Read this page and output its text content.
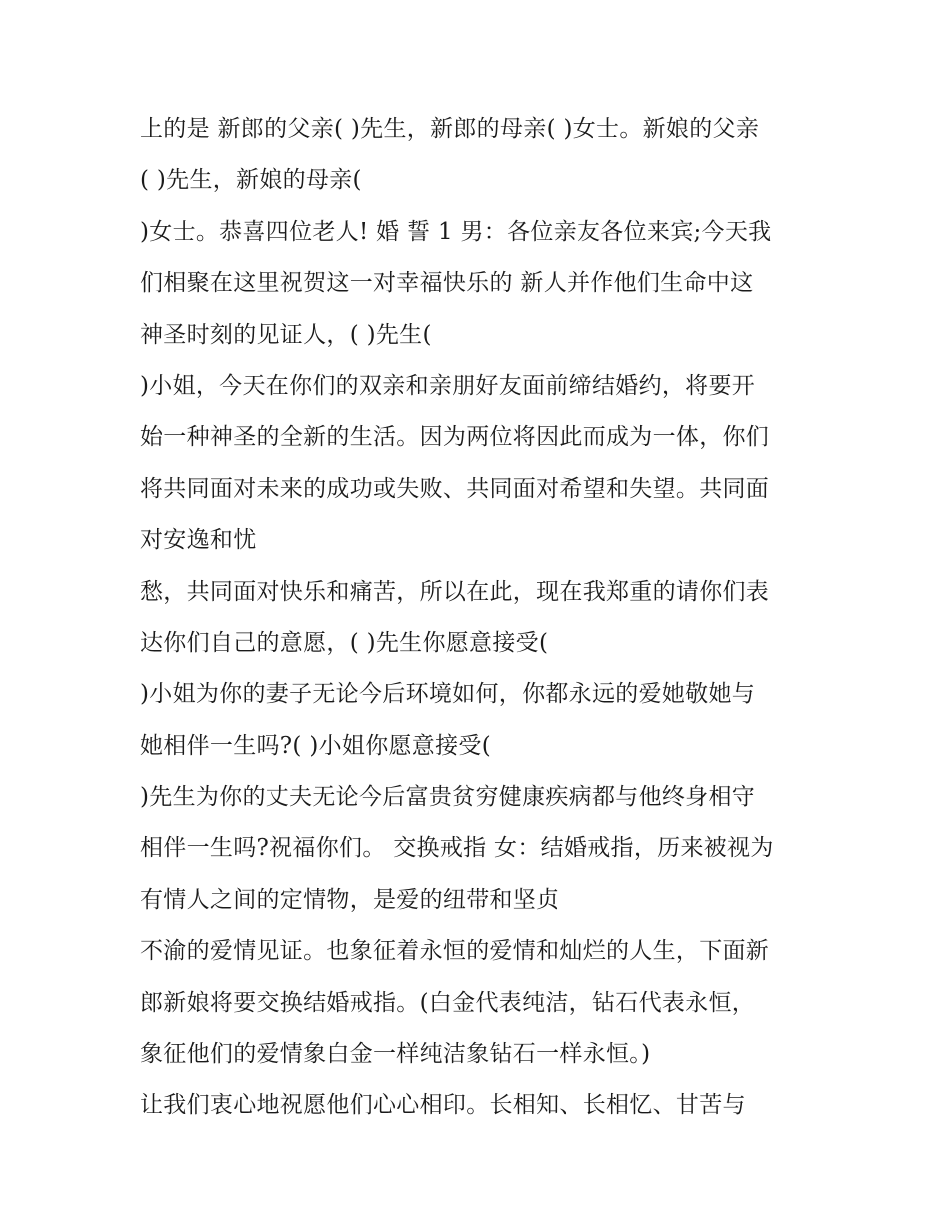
上的是 新郎的父亲( )先生，新郎的母亲( )女士。新娘的父亲
( )先生，新娘的母亲(
)女士。恭喜四位老人! 婚 誓 1 男：各位亲友各位来宾;今天我
们相聚在这里祝贺这一对幸福快乐的 新人并作他们生命中这
神圣时刻的见证人，( )先生(
)小姐，今天在你们的双亲和亲朋好友面前缔结婚约，将要开
始一种神圣的全新的生活。因为两位将因此而成为一体，你们
将共同面对未来的成功或失败、共同面对希望和失望。共同面
对安逸和忧
愁，共同面对快乐和痛苦，所以在此，现在我郑重的请你们表
达你们自己的意愿，( )先生你愿意接受(
)小姐为你的妻子无论今后环境如何，你都永远的爱她敬她与
她相伴一生吗?( )小姐你愿意接受(
)先生为你的丈夫无论今后富贵贫穷健康疾病都与他终身相守
相伴一生吗?祝福你们。 交换戒指 女：结婚戒指，历来被视为
有情人之间的定情物，是爱的纽带和坚贞
不渝的爱情见证。也象征着永恒的爱情和灿烂的人生，下面新
郎新娘将要交换结婚戒指。(白金代表纯洁，钻石代表永恒，
象征他们的爱情象白金一样纯洁象钻石一样永恒。)
让我们衷心地祝愿他们心心相印。长相知、长相忆、甘苦与
